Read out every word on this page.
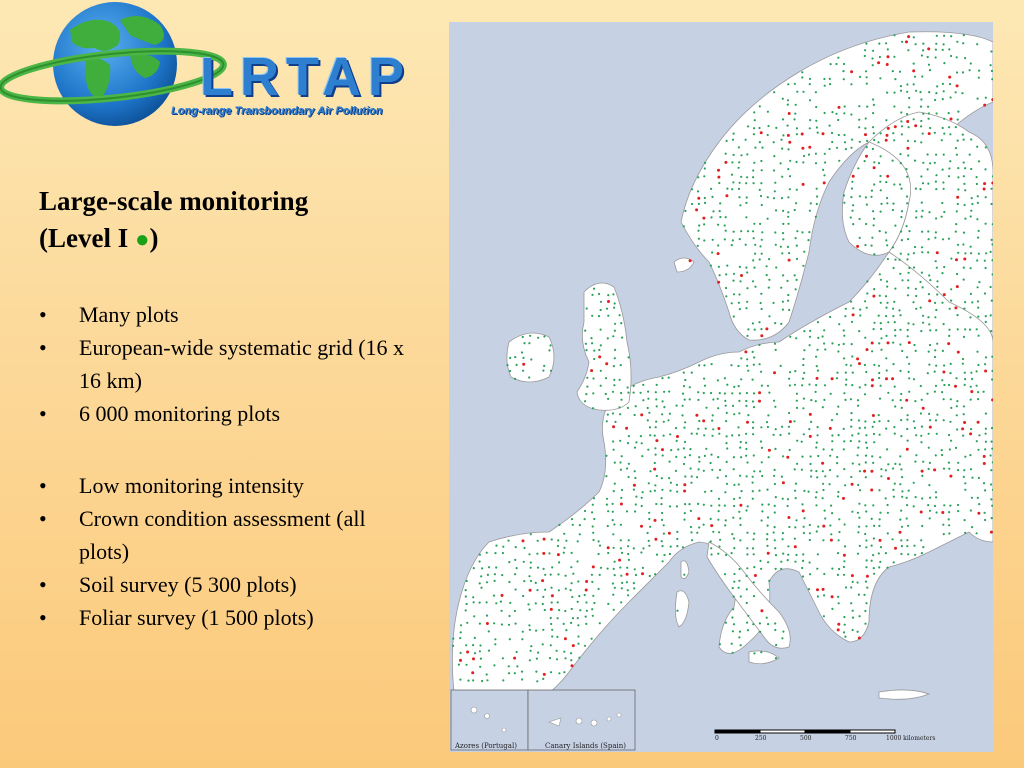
LRTAP
Long-range Transboundary Air Pollution
Large-scale monitoring
(Level I ●)
• Many plots
• European-wide systematic grid (16 x 16 km)
• 6 000 monitoring plots
• Low monitoring intensity
• Crown condition assessment (all plots)
• Soil survey (5 300 plots)
• Foliar survey (1 500 plots)
Azores (Portugal)	Canary Islands (Spain)
0	250	500	750	1000 kilometers
